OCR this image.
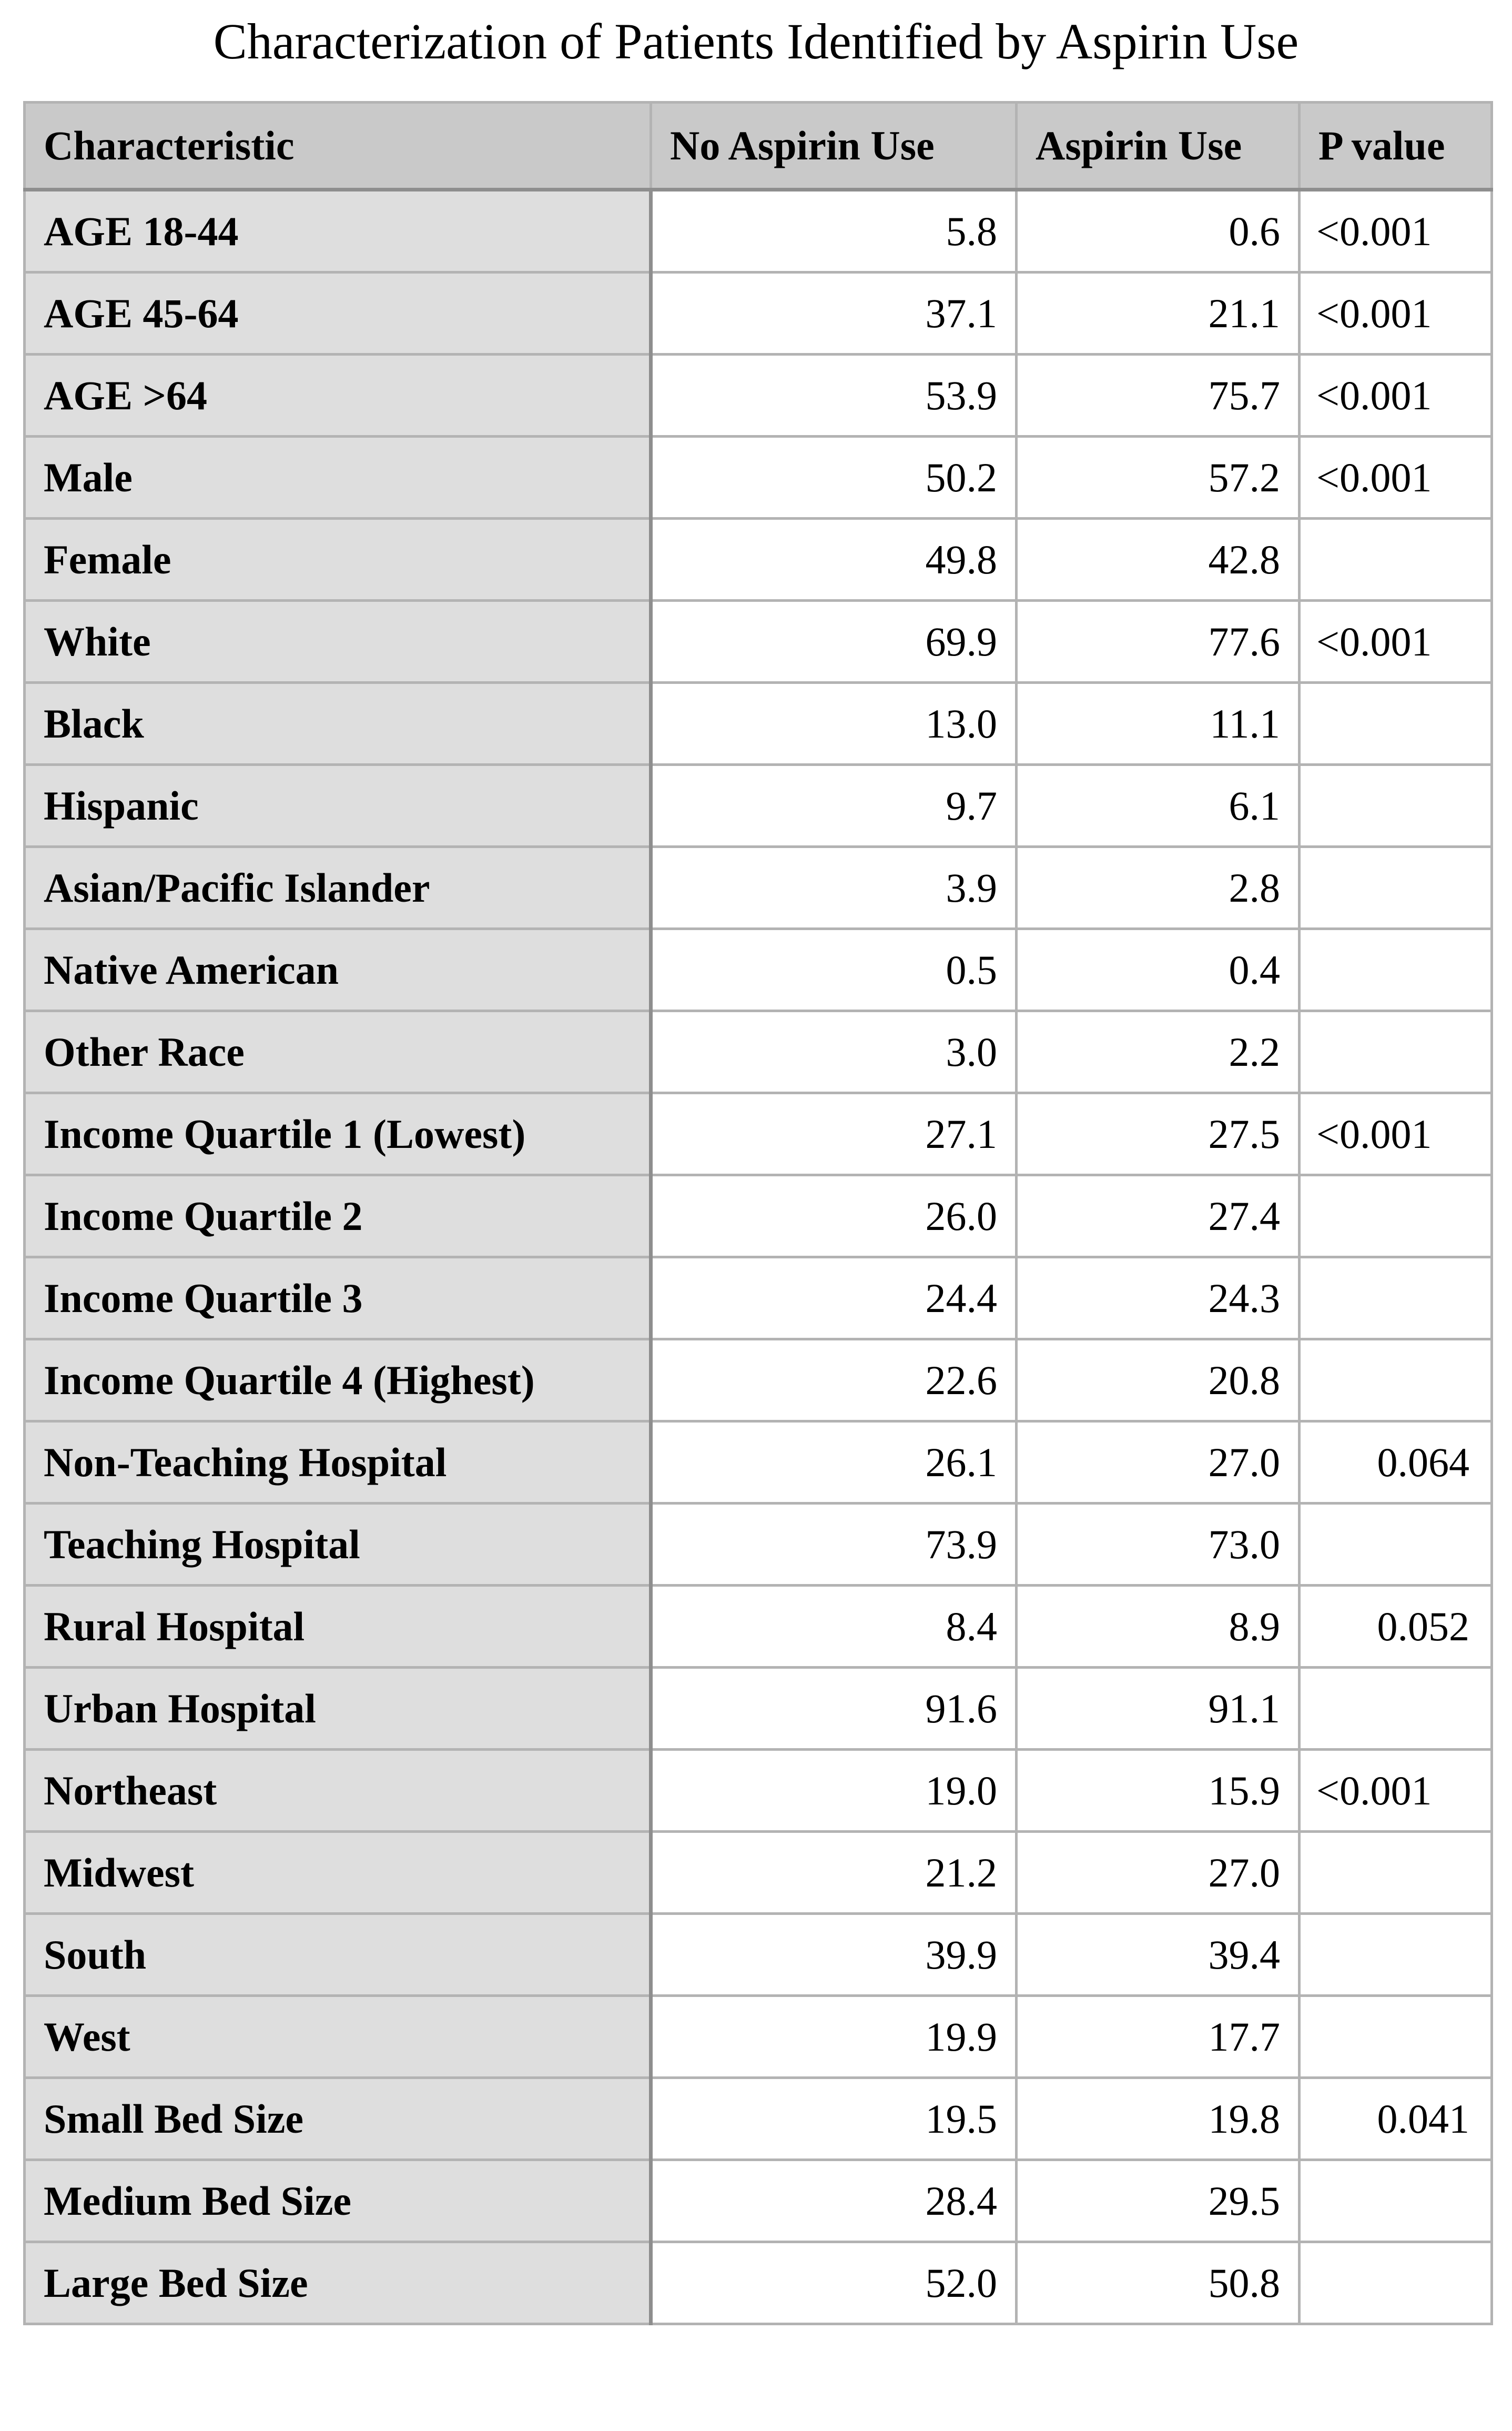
Characterization of Patients Identified by Aspirin Use
Characteristic	No Aspirin Use	Aspirin Use	P value
AGE 18-44	5.8	0.6	<0.001
AGE 45-64	37.1	21.1	<0.001
AGE >64	53.9	75.7	<0.001
Male	50.2	57.2	<0.001
Female	49.8	42.8	
White	69.9	77.6	<0.001
Black	13.0	11.1	
Hispanic	9.7	6.1	
Asian/Pacific Islander	3.9	2.8	
Native American	0.5	0.4	
Other Race	3.0	2.2	
Income Quartile 1 (Lowest)	27.1	27.5	<0.001
Income Quartile 2	26.0	27.4	
Income Quartile 3	24.4	24.3	
Income Quartile 4 (Highest)	22.6	20.8	
Non-Teaching Hospital	26.1	27.0	0.064
Teaching Hospital	73.9	73.0	
Rural Hospital	8.4	8.9	0.052
Urban Hospital	91.6	91.1	
Northeast	19.0	15.9	<0.001
Midwest	21.2	27.0	
South	39.9	39.4	
West	19.9	17.7	
Small Bed Size	19.5	19.8	0.041
Medium Bed Size	28.4	29.5	
Large Bed Size	52.0	50.8	
